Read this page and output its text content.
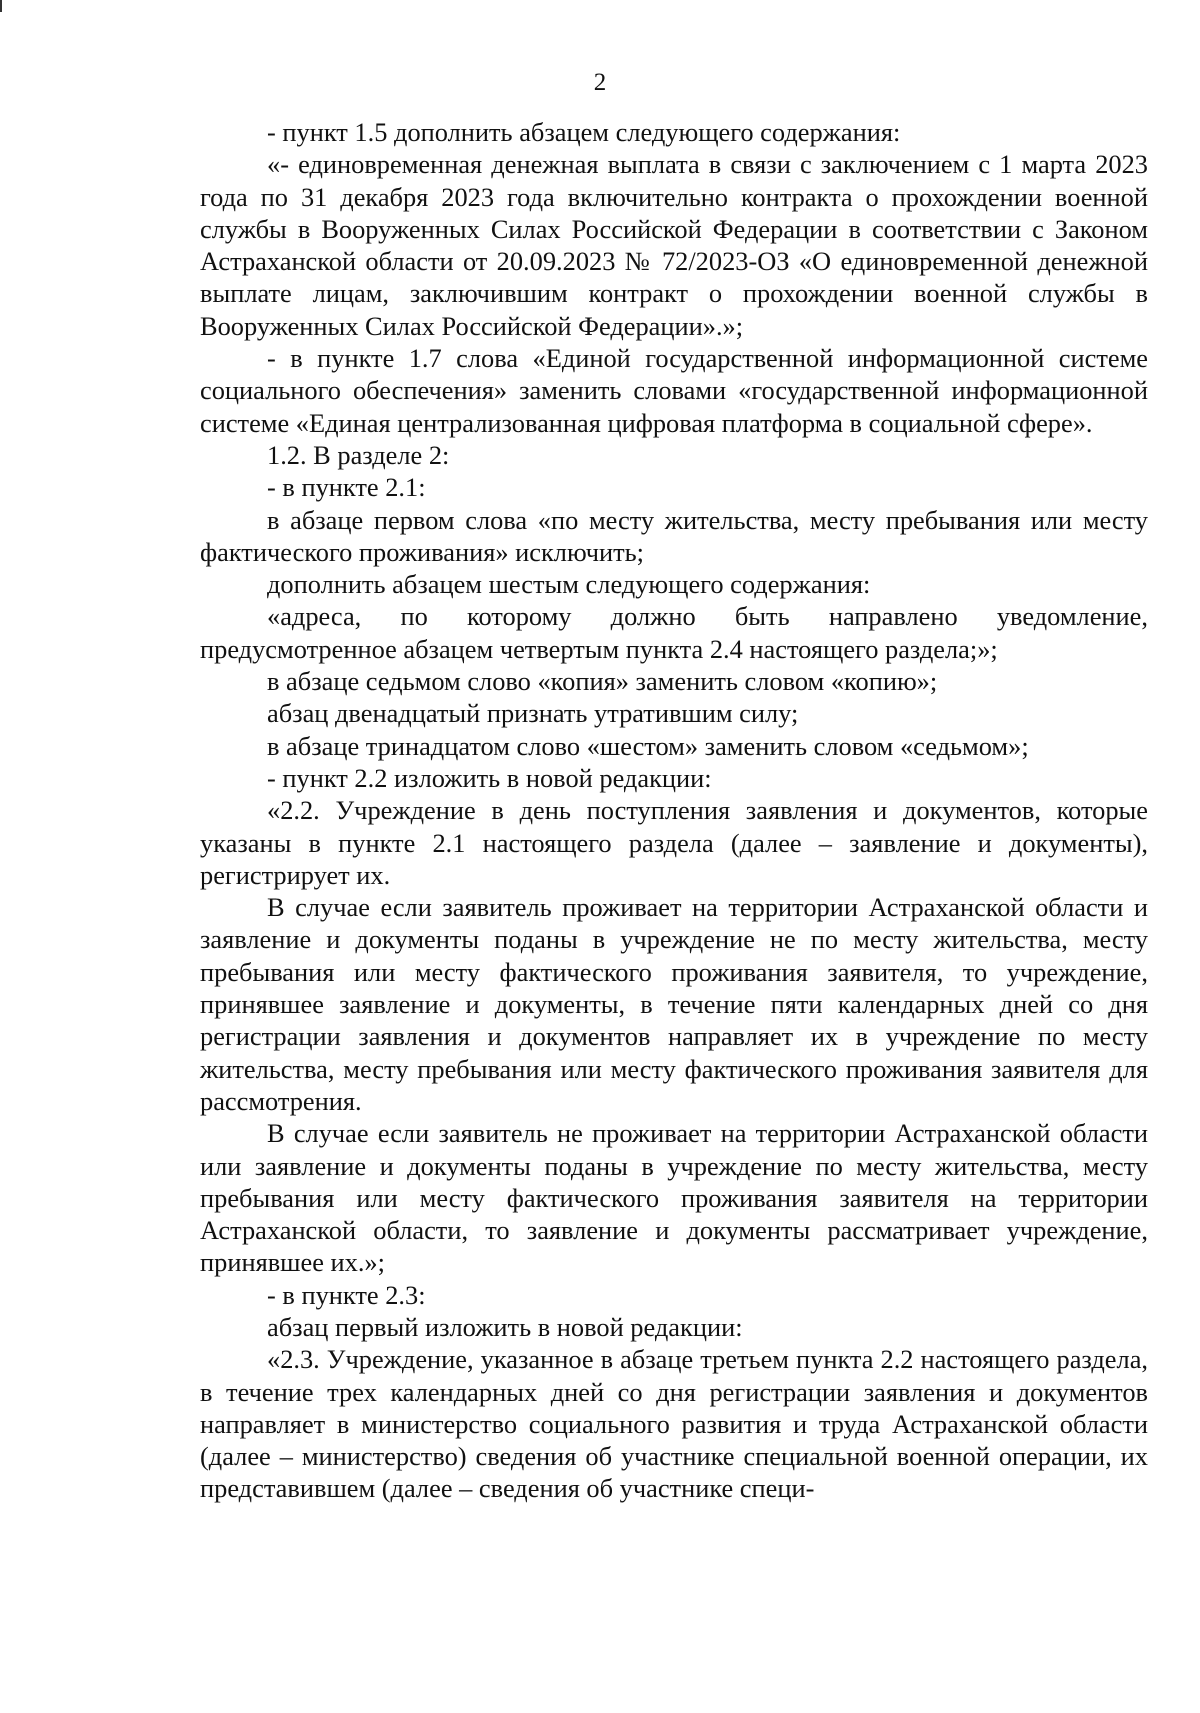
2

- пункт 1.5 дополнить абзацем следующего содержания:

«- единовременная денежная выплата в связи с заключением с 1 марта 2023 года по 31 декабря 2023 года включительно контракта о прохождении военной службы в Вооруженных Силах Российской Федерации в соответствии с Законом Астраханской области от 20.09.2023 № 72/2023-ОЗ «О единовременной денежной выплате лицам, заключившим контракт о прохождении военной службы в Вооруженных Силах Российской Федерации».»;

- в пункте 1.7 слова «Единой государственной информационной системе социального обеспечения» заменить словами «государственной информационной системе «Единая централизованная цифровая платформа в социальной сфере».

1.2. В разделе 2:

- в пункте 2.1:

в абзаце первом слова «по месту жительства, месту пребывания или месту фактического проживания» исключить;

дополнить абзацем шестым следующего содержания:

«адреса, по которому должно быть направлено уведомление, предусмотренное абзацем четвертым пункта 2.4 настоящего раздела;»;

в абзаце седьмом слово «копия» заменить словом «копию»;

абзац двенадцатый признать утратившим силу;

в абзаце тринадцатом слово «шестом» заменить словом «седьмом»;

- пункт 2.2 изложить в новой редакции:

«2.2. Учреждение в день поступления заявления и документов, которые указаны в пункте 2.1 настоящего раздела (далее – заявление и документы), регистрирует их.

В случае если заявитель проживает на территории Астраханской области и заявление и документы поданы в учреждение не по месту жительства, месту пребывания или месту фактического проживания заявителя, то учреждение, принявшее заявление и документы, в течение пяти календарных дней со дня регистрации заявления и документов направляет их в учреждение по месту жительства, месту пребывания или месту фактического проживания заявителя для рассмотрения.

В случае если заявитель не проживает на территории Астраханской области или заявление и документы поданы в учреждение по месту жительства, месту пребывания или месту фактического проживания заявителя на территории Астраханской области, то заявление и документы рассматривает учреждение, принявшее их.»;

- в пункте 2.3:

абзац первый изложить в новой редакции:

«2.3. Учреждение, указанное в абзаце третьем пункта 2.2 настоящего раздела, в течение трех календарных дней со дня регистрации заявления и документов направляет в министерство социального развития и труда Астраханской области (далее – министерство) сведения об участнике специальной военной операции, их представившем (далее – сведения об участнике специ-
